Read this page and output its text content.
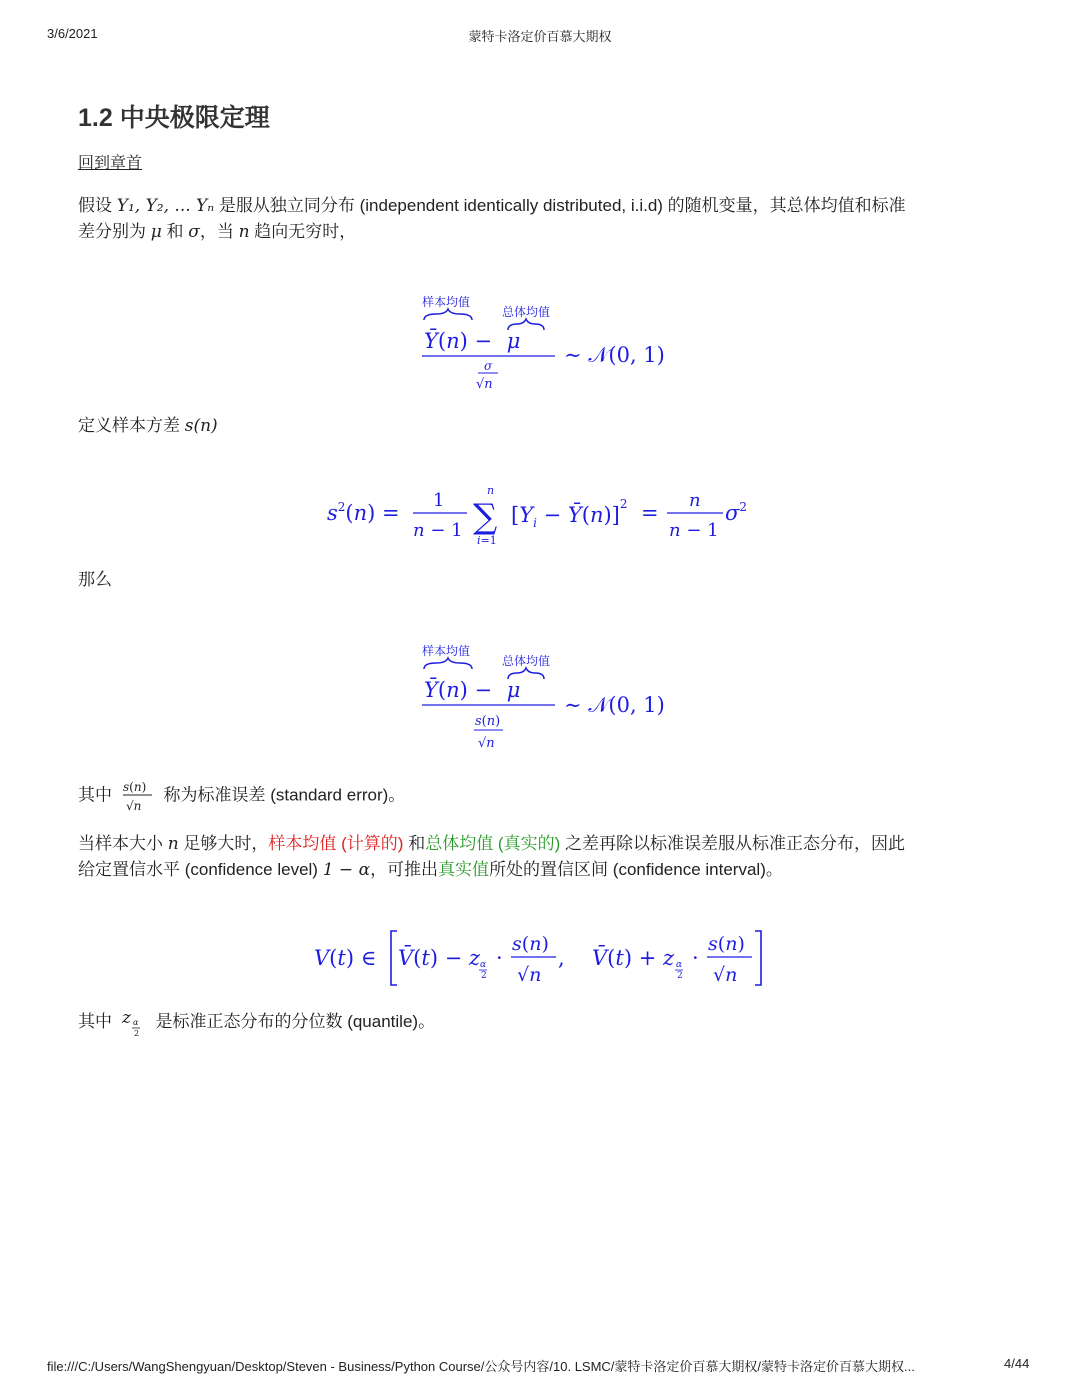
3/6/2021	蒙特卡洛定价百慕大期权
1.2 中央极限定理
回到章首
假设 Y₁, Y₂, ... Yₙ 是服从独立同分布 (independent identically distributed, i.i.d) 的随机变量，其总体均值和标准
差分别为 μ 和 σ，当 n 趋向无穷时，
样本均值
总体均值
Ȳ(n) − μ
σ
√n
∼ 𝒩(0, 1)
定义样本方差 s(n)
$s^2(n)$ =
1
n − 1
n
∑
i=1
[$Y_i$ − Ȳ(n)]$^2$ =
n
n − 1
$\sigma^2$
那么
样本均值
总体均值
Ȳ(n) − μ
s(n)
√n
∼ 𝒩(0, 1)
其中 s(n)
√n
称为标准误差 (standard error)。
当样本大小 n 足够大时，样本均值 (计算的) 和总体均值 (真实的) 之差再除以标准误差服从标准正态分布，因此
给定置信水平 (confidence level) 1 − α，可推出真实值所处的置信区间 (confidence interval)。
V(t) ∈ V̄(t) − z α
2
·
s(n)
√n
, V̄(t) + z α
2
·
s(n)
√n
其中 z α
2
是标准正态分布的分位数 (quantile)。
file:///C:/Users/WangShengyuan/Desktop/Steven - Business/Python Course/公众号内容/10. LSMC/蒙特卡洛定价百慕大期权/蒙特卡洛定价百慕大期权...	4/44
